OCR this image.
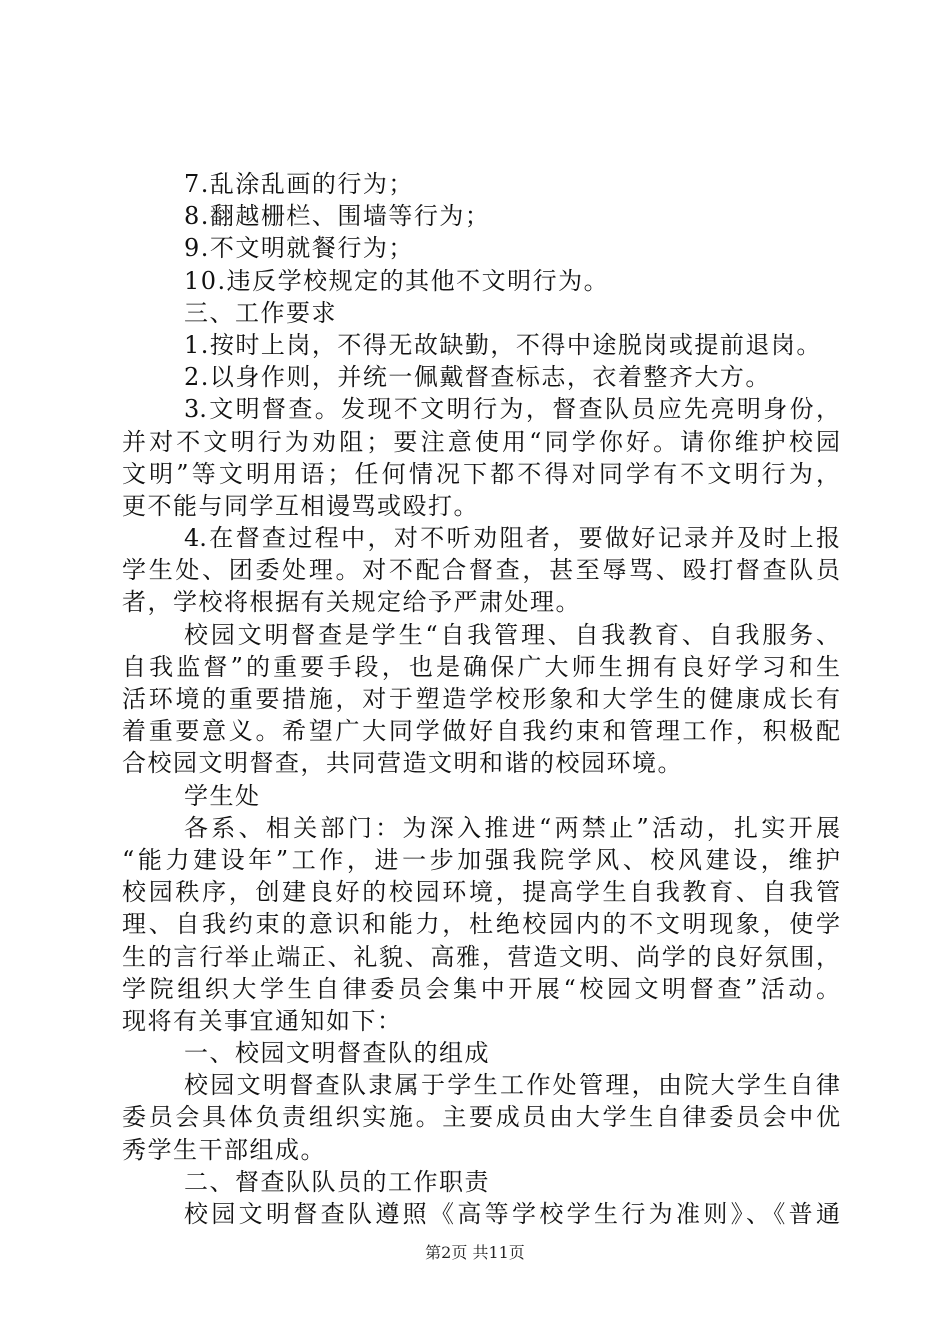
7.乱涂乱画的行为；
8.翻越栅栏、围墙等行为；
9.不文明就餐行为；
10.违反学校规定的其他不文明行为。
三、工作要求
1.按时上岗，不得无故缺勤，不得中途脱岗或提前退岗。
2.以身作则，并统一佩戴督查标志，衣着整齐大方。
3.文明督查。发现不文明行为，督查队员应先亮明身份，
并对不文明行为劝阻；要注意使用“同学你好。请你维护校园
文明”等文明用语；任何情况下都不得对同学有不文明行为，
更不能与同学互相谩骂或殴打。
4.在督查过程中，对不听劝阻者，要做好记录并及时上报
学生处、团委处理。对不配合督查，甚至辱骂、殴打督查队员
者，学校将根据有关规定给予严肃处理。
校园文明督查是学生“自我管理、自我教育、自我服务、
自我监督”的重要手段，也是确保广大师生拥有良好学习和生
活环境的重要措施，对于塑造学校形象和大学生的健康成长有
着重要意义。希望广大同学做好自我约束和管理工作，积极配
合校园文明督查，共同营造文明和谐的校园环境。
学生处
各系、相关部门：为深入推进“两禁止”活动，扎实开展
“能力建设年”工作，进一步加强我院学风、校风建设，维护
校园秩序，创建良好的校园环境，提高学生自我教育、自我管
理、自我约束的意识和能力，杜绝校园内的不文明现象，使学
生的言行举止端正、礼貌、高雅，营造文明、尚学的良好氛围，
学院组织大学生自律委员会集中开展“校园文明督查”活动。
现将有关事宜通知如下：
一、校园文明督查队的组成
校园文明督查队隶属于学生工作处管理，由院大学生自律
委员会具体负责组织实施。主要成员由大学生自律委员会中优
秀学生干部组成。
二、督查队队员的工作职责
校园文明督查队遵照《高等学校学生行为准则》、《普通
第2页 共11页
